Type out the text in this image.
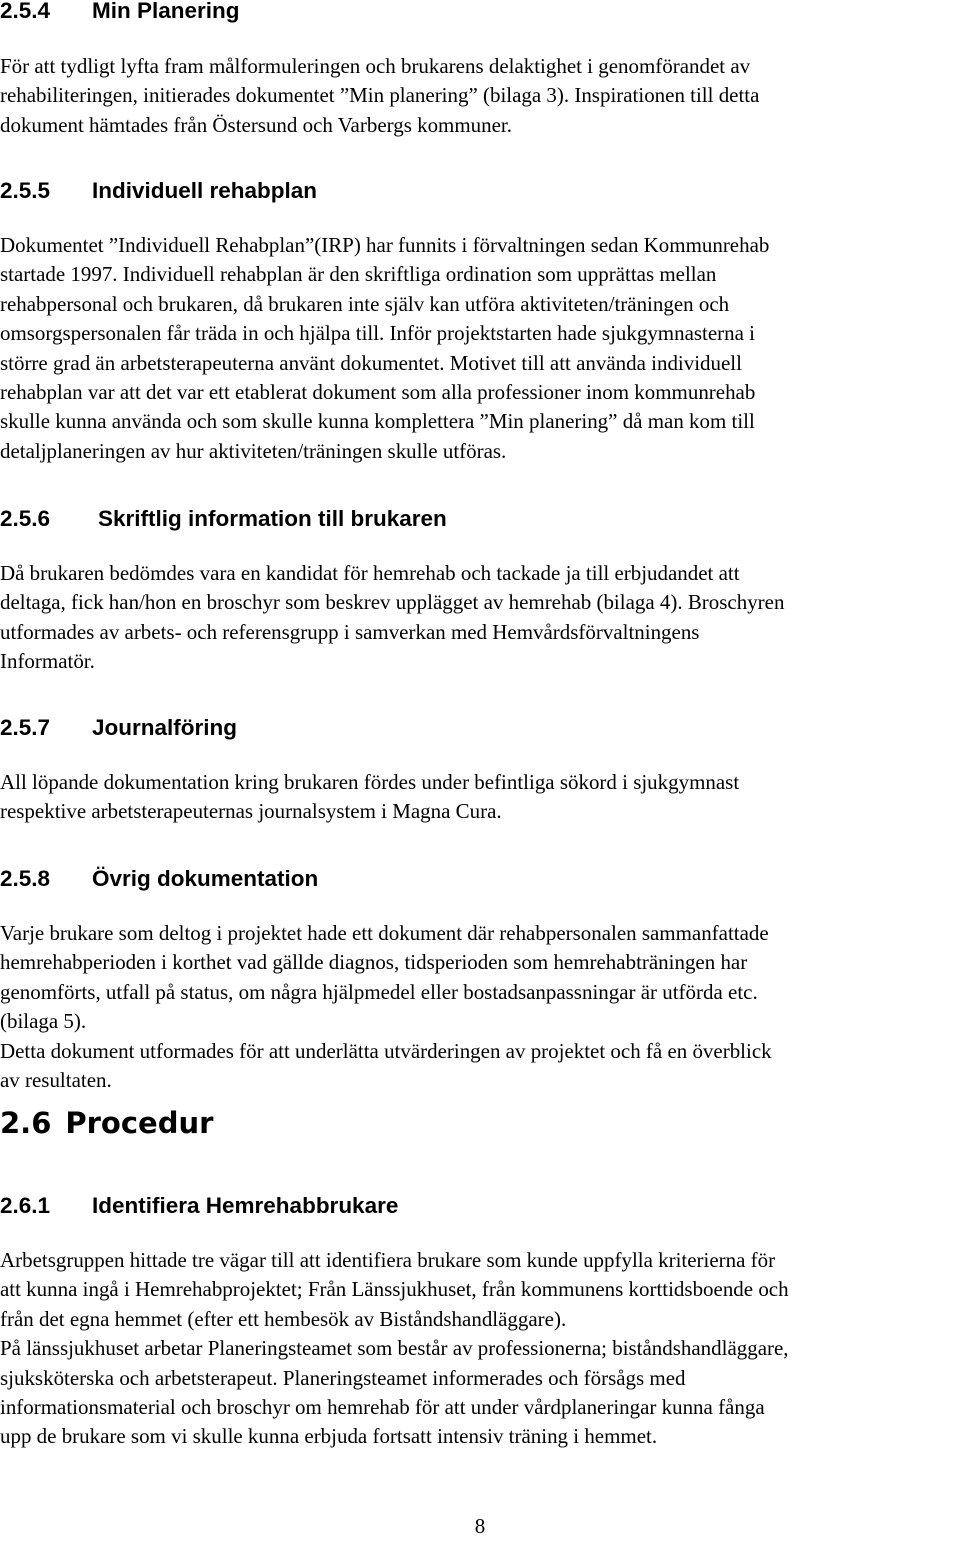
2.5.4 Min Planering
För att tydligt lyfta fram målformuleringen och brukarens delaktighet i genomförandet av
rehabiliteringen, initierades dokumentet ”Min planering” (bilaga 3). Inspirationen till detta
dokument hämtades från Östersund och Varbergs kommuner.
2.5.5 Individuell rehabplan
Dokumentet ”Individuell Rehabplan”(IRP) har funnits i förvaltningen sedan Kommunrehab
startade 1997. Individuell rehabplan är den skriftliga ordination som upprättas mellan
rehabpersonal och brukaren, då brukaren inte själv kan utföra aktiviteten/träningen och
omsorgspersonalen får träda in och hjälpa till. Inför projektstarten hade sjukgymnasterna i
större grad än arbetsterapeuterna använt dokumentet. Motivet till att använda individuell
rehabplan var att det var ett etablerat dokument som alla professioner inom kommunrehab
skulle kunna använda och som skulle kunna komplettera ”Min planering” då man kom till
detaljplaneringen av hur aktiviteten/träningen skulle utföras.
2.5.6 Skriftlig information till brukaren
Då brukaren bedömdes vara en kandidat för hemrehab och tackade ja till erbjudandet att
deltaga, fick han/hon en broschyr som beskrev upplägget av hemrehab (bilaga 4). Broschyren
utformades av arbets- och referensgrupp i samverkan med Hemvårdsförvaltningens
Informatör.
2.5.7 Journalföring
All löpande dokumentation kring brukaren fördes under befintliga sökord i sjukgymnast
respektive arbetsterapeuternas journalsystem i Magna Cura.
2.5.8 Övrig dokumentation
Varje brukare som deltog i projektet hade ett dokument där rehabpersonalen sammanfattade
hemrehabperioden i korthet vad gällde diagnos, tidsperioden som hemrehabträningen har
genomförts, utfall på status, om några hjälpmedel eller bostadsanpassningar är utförda etc.
(bilaga 5).
Detta dokument utformades för att underlätta utvärderingen av projektet och få en överblick
av resultaten.
2.6 Procedur
2.6.1 Identifiera Hemrehabbrukare
Arbetsgruppen hittade tre vägar till att identifiera brukare som kunde uppfylla kriterierna för
att kunna ingå i Hemrehabprojektet; Från Länssjukhuset, från kommunens korttidsboende och
från det egna hemmet (efter ett hembesök av Biståndshandläggare).
På länssjukhuset arbetar Planeringsteamet som består av professionerna; biståndshandläggare,
sjuksköterska och arbetsterapeut. Planeringsteamet informerades och försågs med
informationsmaterial och broschyr om hemrehab för att under vårdplaneringar kunna fånga
upp de brukare som vi skulle kunna erbjuda fortsatt intensiv träning i hemmet.
8
